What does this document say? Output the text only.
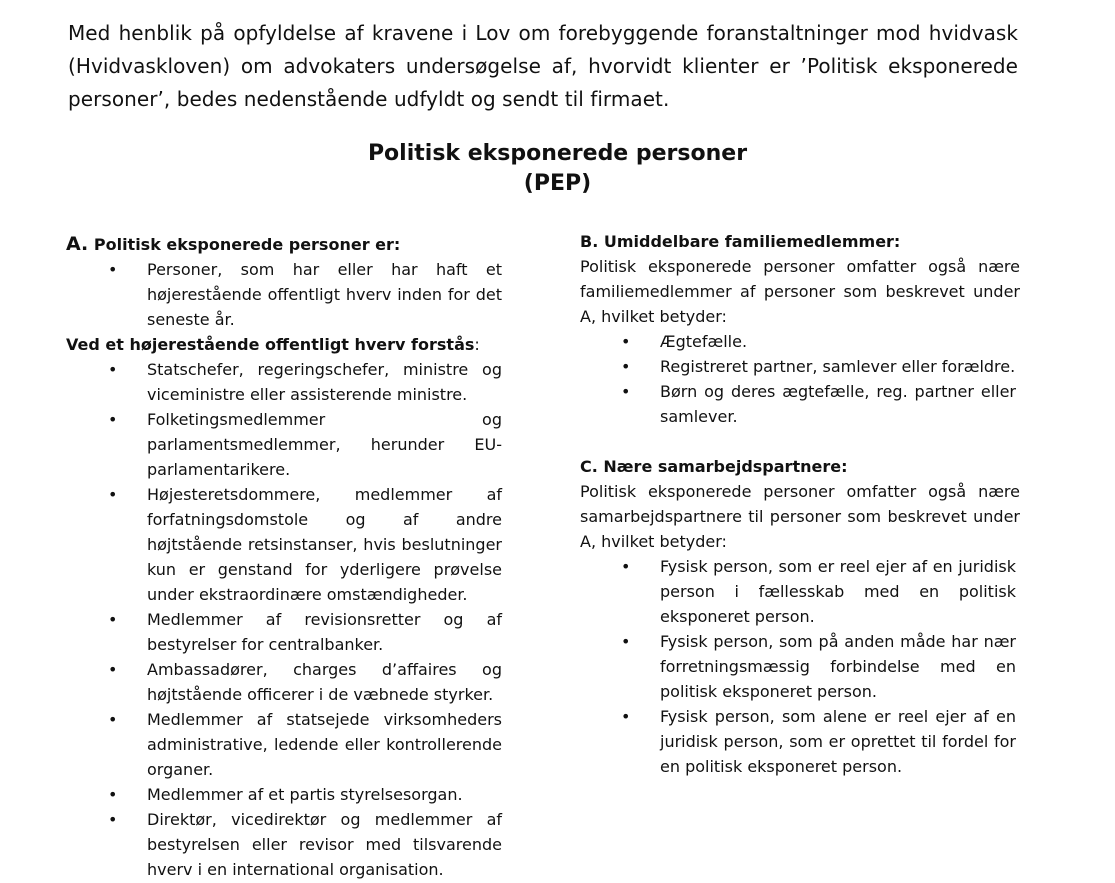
Med henblik på opfyldelse af kravene i Lov om forebyggende foranstaltninger mod hvidvask (Hvidvaskloven) om advokaters undersøgelse af, hvorvidt klienter er ’Politisk eksponerede personer’, bedes nedenstående udfyldt og sendt til firmaet.

Politisk eksponerede personer
(PEP)

A. Politisk eksponerede personer er:

• Personer, som har eller har haft et højerestående offentligt hverv inden for det seneste år.

Ved et højerestående offentligt hverv forstås:

• Statschefer, regeringschefer, ministre og viceministre eller assisterende ministre.
• Folketingsmedlemmer og parlamentsmedlemmer, herunder EU-parlamentarikere.
• Højesteretsdommere, medlemmer af forfatningsdomstole og af andre højtstående retsinstanser, hvis beslutninger kun er genstand for yderligere prøvelse under ekstraordinære omstændigheder.
• Medlemmer af revisionsretter og af bestyrelser for centralbanker.
• Ambassadører, charges d’affaires og højtstående officerer i de væbnede styrker.
• Medlemmer af statsejede virksomheders administrative, ledende eller kontrollerende organer.
• Medlemmer af et partis styrelsesorgan.
• Direktør, vicedirektør og medlemmer af bestyrelsen eller revisor med tilsvarende hverv i en international organisation.

B. Umiddelbare familiemedlemmer:

Politisk eksponerede personer omfatter også nære familiemedlemmer af personer som beskrevet under A, hvilket betyder:

• Ægtefælle.
• Registreret partner, samlever eller forældre.
• Børn og deres ægtefælle, reg. partner eller samlever.

C. Nære samarbejdspartnere:

Politisk eksponerede personer omfatter også nære samarbejdspartnere til personer som beskrevet under A, hvilket betyder:

• Fysisk person, som er reel ejer af en juridisk person i fællesskab med en politisk eksponeret person.
• Fysisk person, som på anden måde har nær forretningsmæssig forbindelse med en politisk eksponeret person.
• Fysisk person, som alene er reel ejer af en juridisk person, som er oprettet til fordel for en politisk eksponeret person.
